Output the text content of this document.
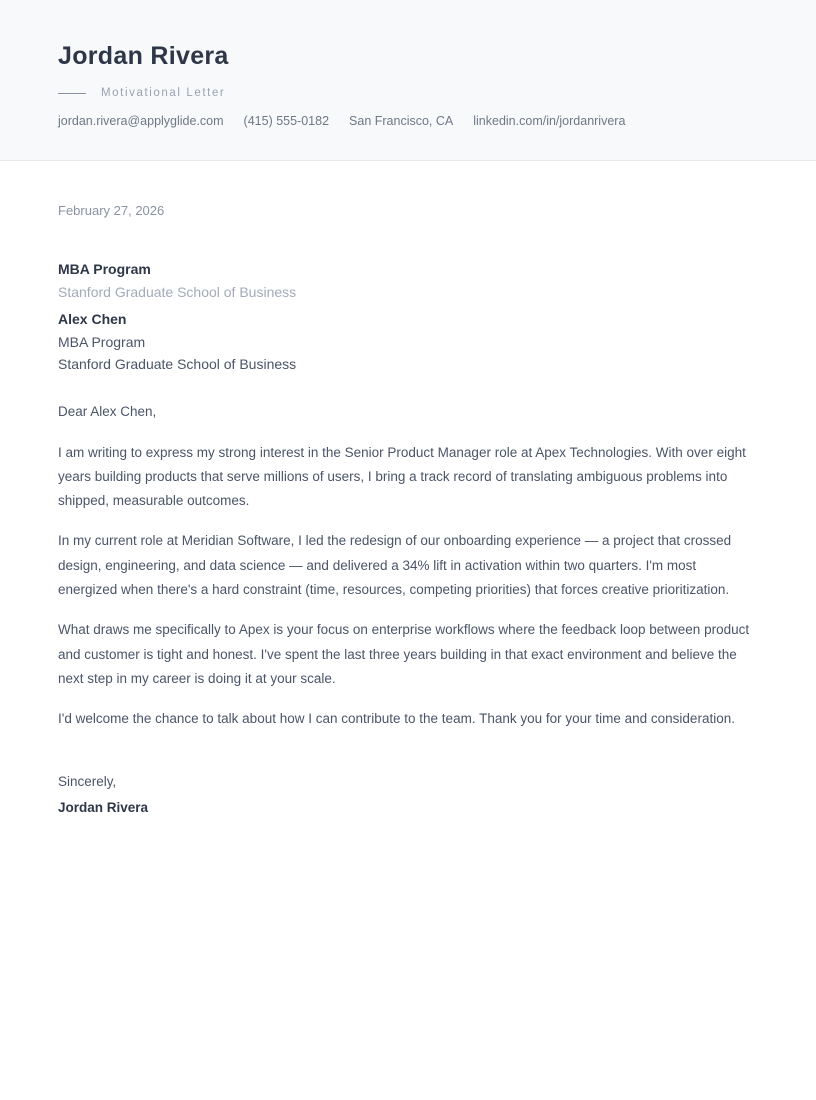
Jordan Rivera
Motivational Letter
jordan.rivera@applyglide.com (415) 555-0182 San Francisco, CA linkedin.com/in/jordanrivera
February 27, 2026
MBA Program
Stanford Graduate School of Business
Alex Chen
MBA Program
Stanford Graduate School of Business
Dear Alex Chen,

I am writing to express my strong interest in the Senior Product Manager role at Apex Technologies. With over eight years building products that serve millions of users, I bring a track record of translating ambiguous problems into shipped, measurable outcomes.

In my current role at Meridian Software, I led the redesign of our onboarding experience — a project that crossed design, engineering, and data science — and delivered a 34% lift in activation within two quarters. I'm most energized when there's a hard constraint (time, resources, competing priorities) that forces creative prioritization.

What draws me specifically to Apex is your focus on enterprise workflows where the feedback loop between product and customer is tight and honest. I've spent the last three years building in that exact environment and believe the next step in my career is doing it at your scale.

I'd welcome the chance to talk about how I can contribute to the team. Thank you for your time and consideration.

Sincerely,
Jordan Rivera
